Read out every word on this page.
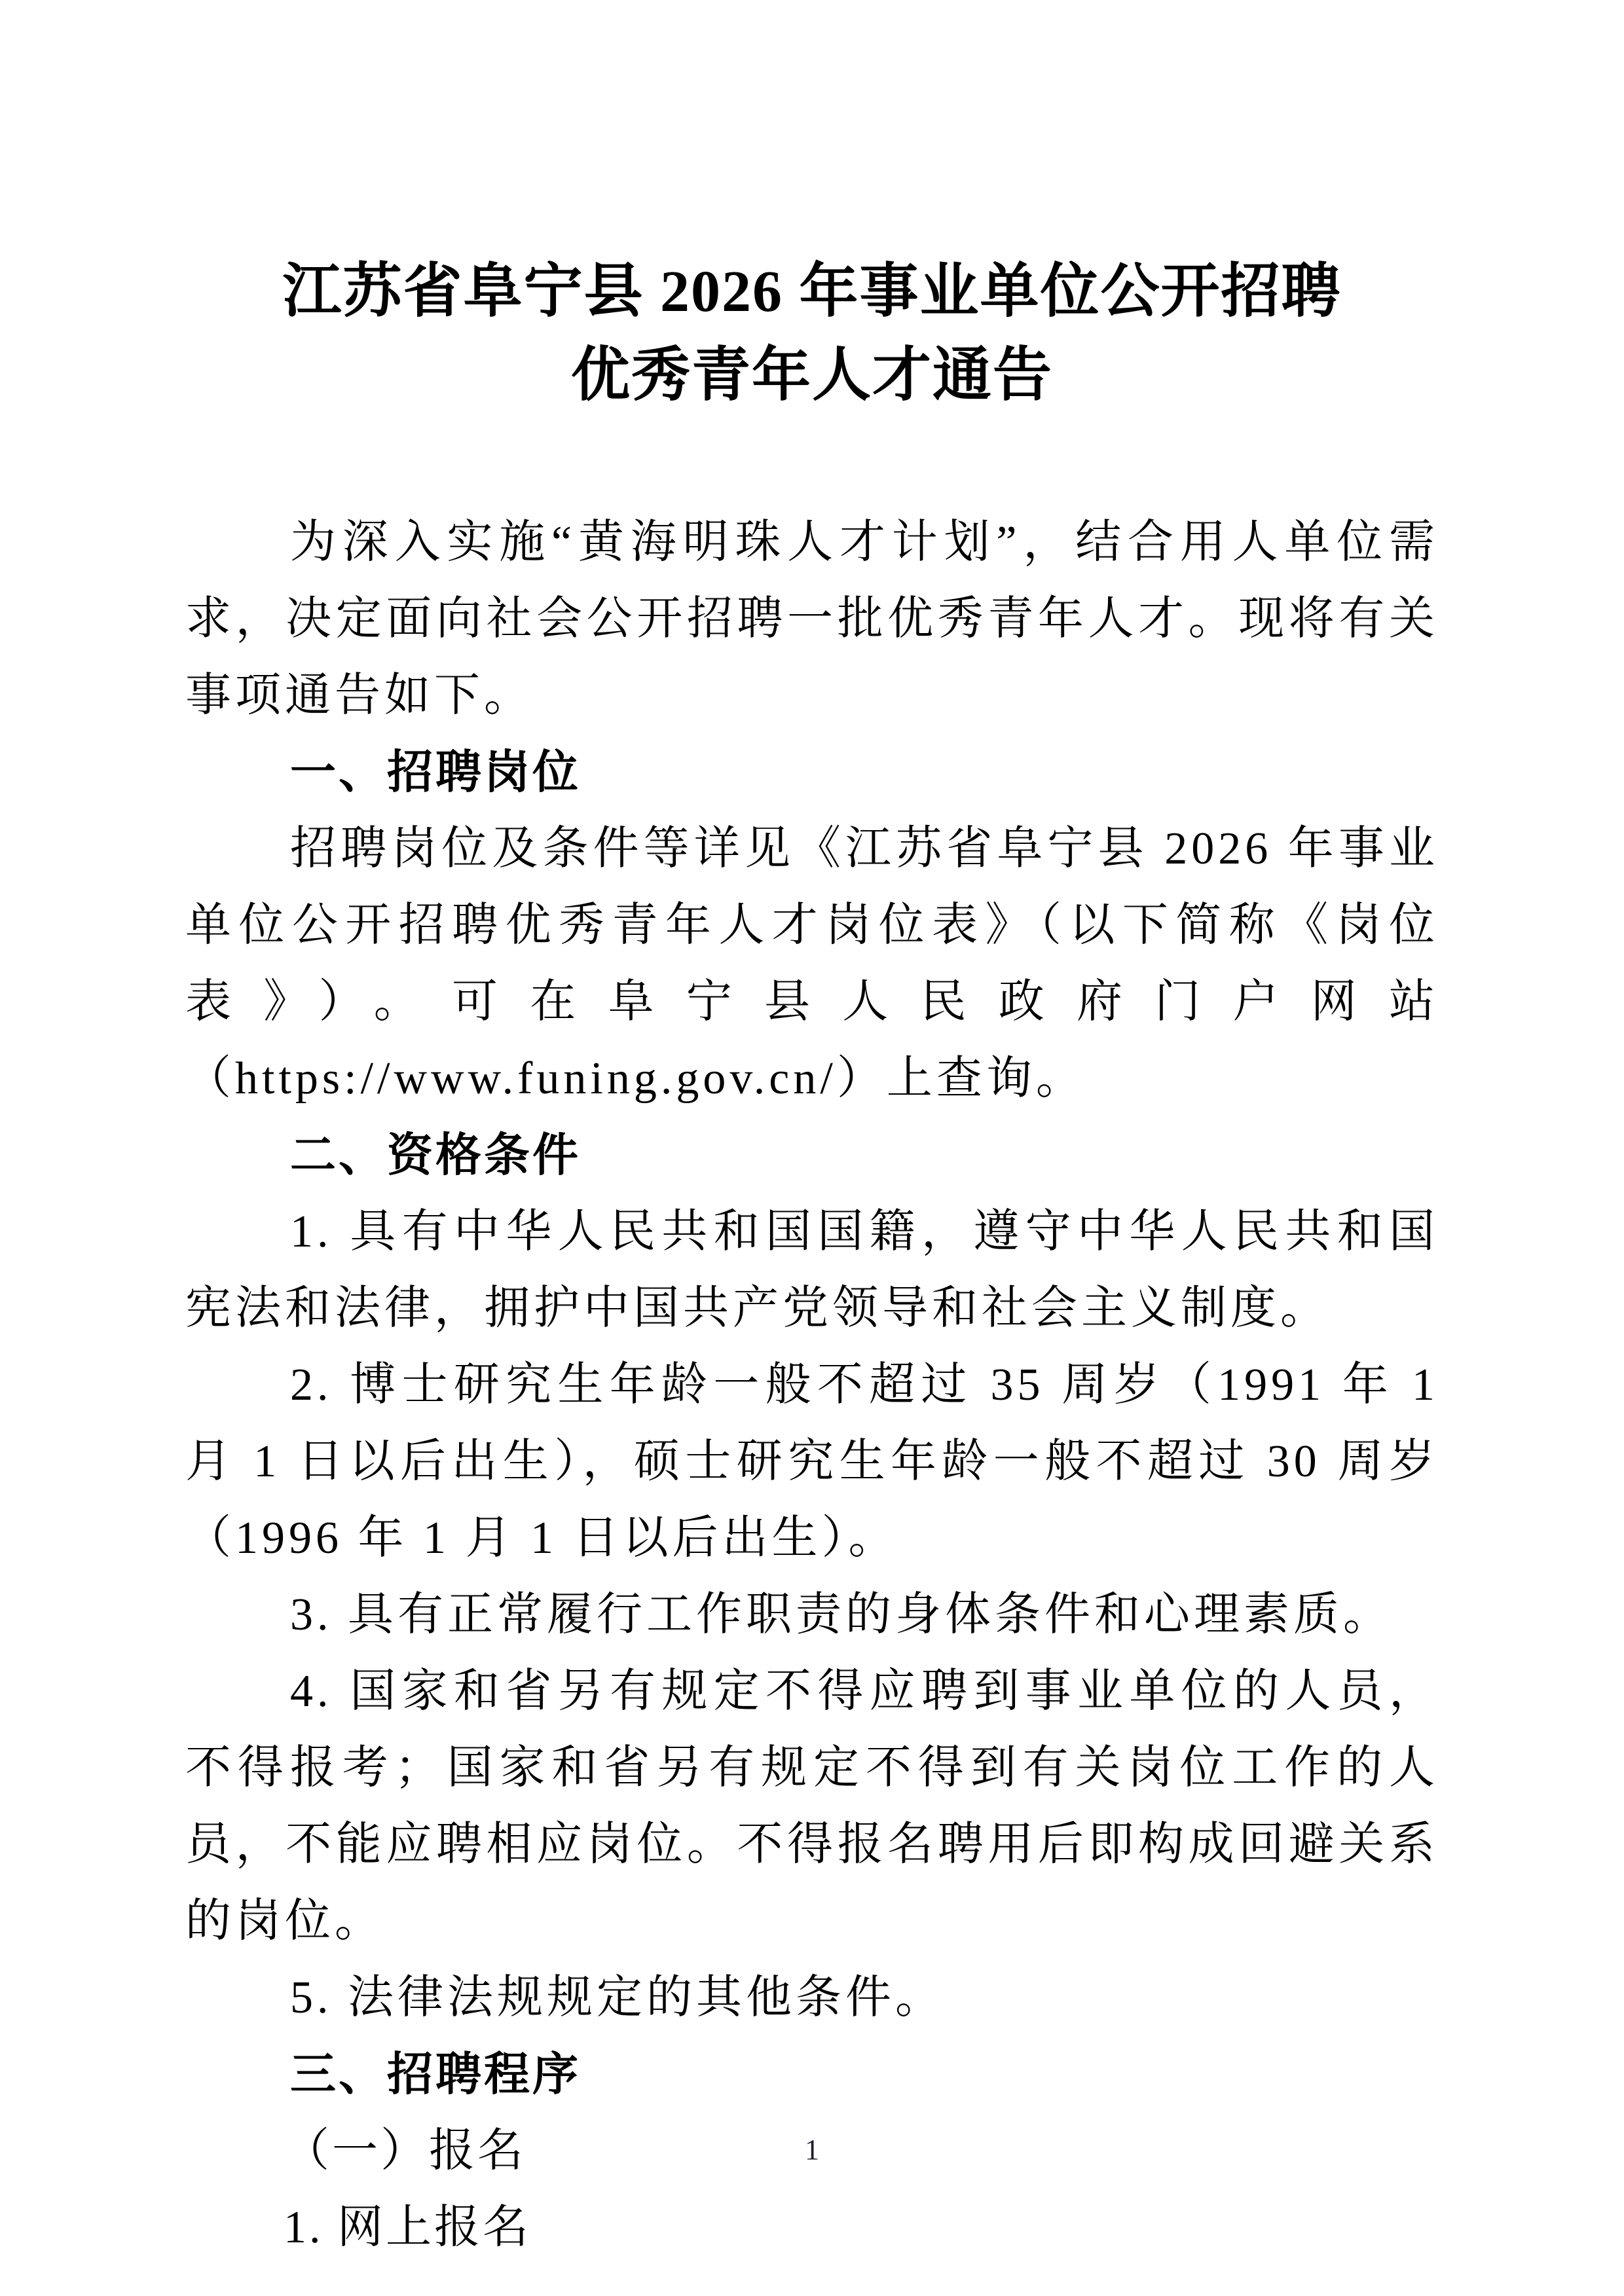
江苏省阜宁县 2026 年事业单位公开招聘
优秀青年人才通告

为深入实施“黄海明珠人才计划”，结合用人单位需求，决定面向社会公开招聘一批优秀青年人才。现将有关事项通告如下。

一、招聘岗位

招聘岗位及条件等详见《江苏省阜宁县 2026 年事业单位公开招聘优秀青年人才岗位表》（以下简称《岗位表》）。可在阜宁县人民政府门户网站（https://www.funing.gov.cn/）上查询。

二、资格条件

1. 具有中华人民共和国国籍，遵守中华人民共和国宪法和法律，拥护中国共产党领导和社会主义制度。

2. 博士研究生年龄一般不超过 35 周岁（1991 年 1 月 1 日以后出生），硕士研究生年龄一般不超过 30 周岁（1996 年 1 月 1 日以后出生）。

3. 具有正常履行工作职责的身体条件和心理素质。

4. 国家和省另有规定不得应聘到事业单位的人员，不得报考；国家和省另有规定不得到有关岗位工作的人员，不能应聘相应岗位。不得报名聘用后即构成回避关系的岗位。

5. 法律法规规定的其他条件。

三、招聘程序
（一）报名
1. 网上报名
1
